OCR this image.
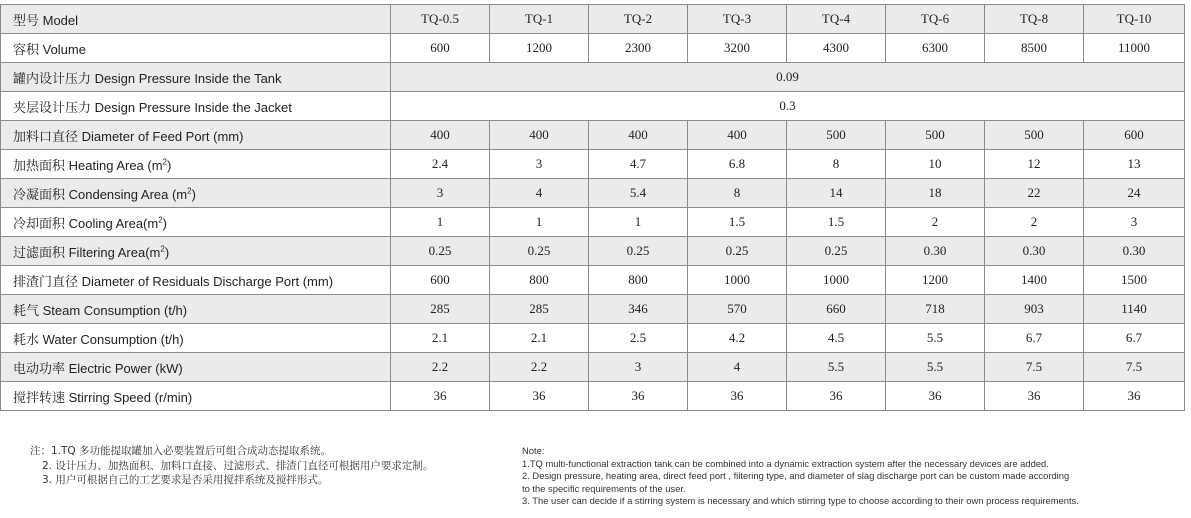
型号 Model	TQ-0.5	TQ-1	TQ-2	TQ-3	TQ-4	TQ-6	TQ-8	TQ-10
容积 Volume	600	1200	2300	3200	4300	6300	8500	11000
罐内设计压力 Design Pressure Inside the Tank	0.09							
夹层设计压力 Design Pressure Inside the Jacket	0.3							
加料口直径 Diameter of Feed Port (mm)	400	400	400	400	500	500	500	600
加热面积 Heating Area $(m^2)$	2.4	3	4.7	6.8	8	10	12	13
冷凝面积 Condensing Area $(m^2)$	3	4	5.4	8	14	18	22	24
冷却面积 Cooling $Area(m^2)$	1	1	1	1.5	1.5	2	2	3
过滤面积 Filtering $Area(m^2)$	0.25	0.25	0.25	0.25	0.25	0.30	0.30	0.30
排渣门直径 Diameter of Residuals Discharge Port (mm)	600	800	800	1000	1000	1200	1400	1500
耗气 Steam Consumption (t/h)	285	285	346	570	660	718	903	1140
耗水 Water Consumption (t/h)	2.1	2.1	2.5	4.2	4.5	5.5	6.7	6.7
电动功率 Electric Power (kW)	2.2	2.2	3	4	5.5	5.5	7.5	7.5
搅拌转速 Stirring Speed (r/min)	36	36	36	36	36	36	36	36
注：1.TQ 多功能提取罐加入必要装置后可组合成动态提取系统。
2. 设计压力、加热面积、加料口直接、过滤形式、排渣门直径可根据用户要求定制。
3. 用户可根据自己的工艺要求是否采用搅拌系统及搅拌形式。
Note:
1.TQ multi-functional extraction tank can be combined into a dynamic extraction system after the necessary devices are added.
2. Design pressure, heating area, direct feed port , filtering type, and diameter of slag discharge port can be custom made according
to the specific requirements of the user.
3. The user can decide if a stirring system is necessary and which stirring type to choose according to their own process requirements.
